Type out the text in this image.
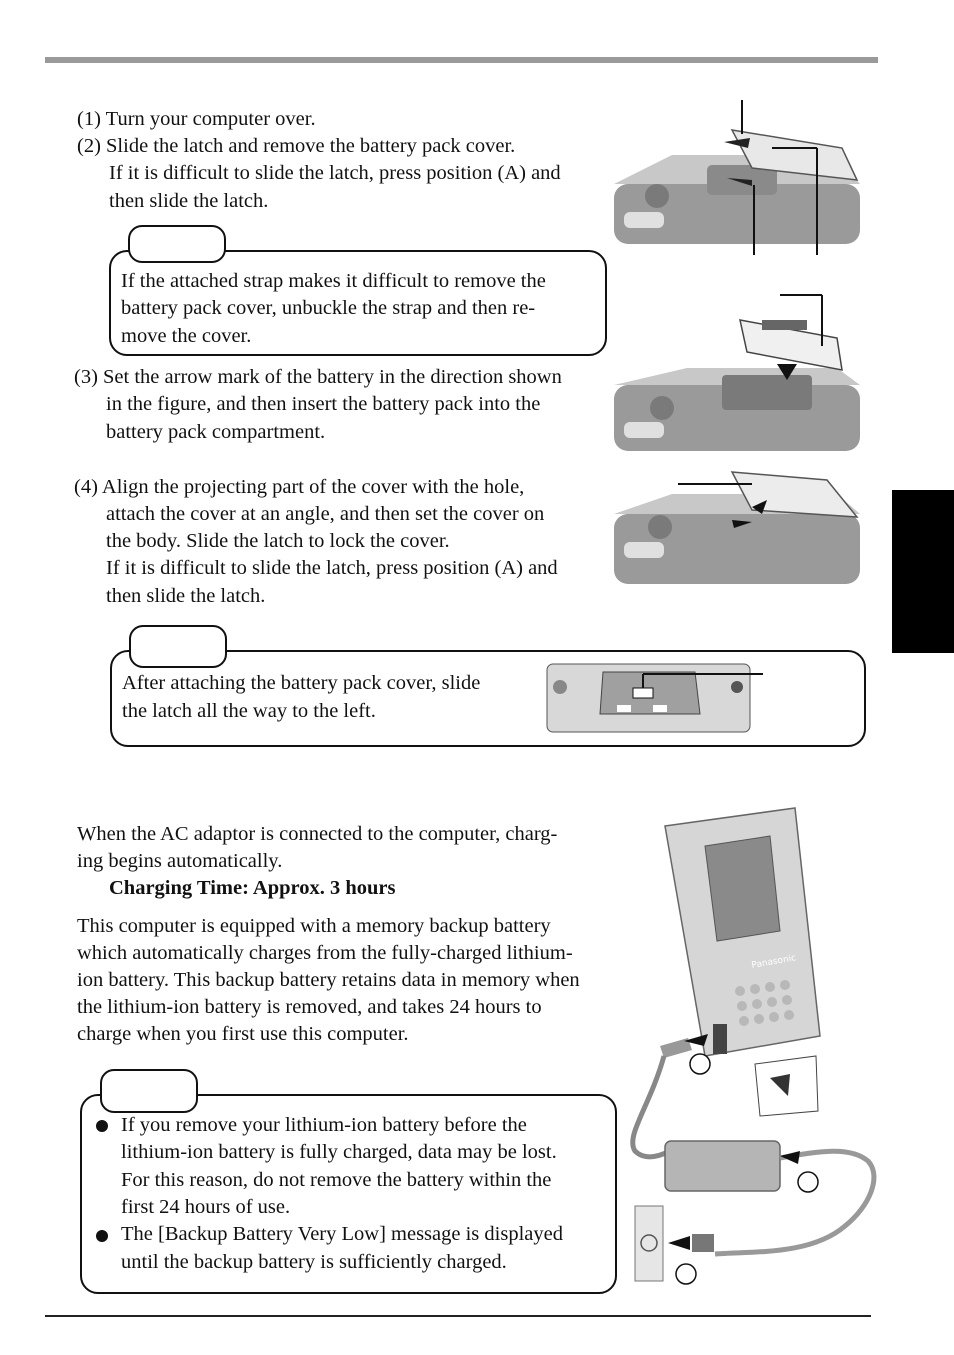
(1) Turn your computer over.
(2) Slide the latch and remove the battery pack cover.
If it is difficult to slide the latch, press position (A) and
then slide the latch.
If the attached strap makes it difficult to remove the
battery pack cover, unbuckle the strap and then re-
move the cover.
(3) Set the arrow mark of the battery in the direction shown
in the figure, and then insert the battery pack into the
battery pack compartment.
(4) Align the projecting part of the cover with the hole,
attach the cover at an angle, and then set the cover on
the body. Slide the latch to lock the cover.
If it is difficult to slide the latch, press position (A) and
then slide the latch.
After attaching the battery pack cover, slide
the latch all the way to the left.
When the AC adaptor is connected to the computer, charg-
ing begins automatically.
Charging Time: Approx. 3 hours
This computer is equipped with a memory backup battery
which automatically charges from the fully-charged lithium-
ion battery. This backup battery retains data in memory when
the lithium-ion battery is removed, and takes 24 hours to
charge when you first use this computer.
If you remove your lithium-ion battery before the
lithium-ion battery is fully charged, data may be lost.
For this reason, do not remove the battery within the
first 24 hours of use.
The [Backup Battery Very Low] message is displayed
until the backup battery is sufficiently charged.
Panasonic
